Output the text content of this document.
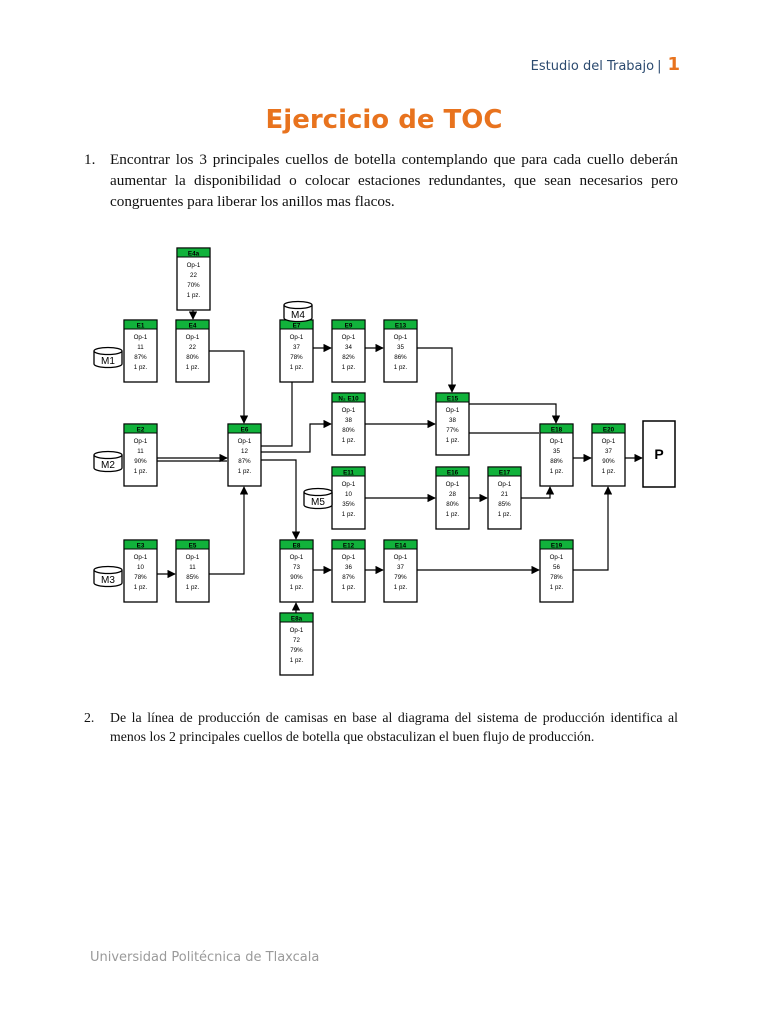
Estudio del Trabajo | 1
Ejercicio de TOC
1. Encontrar los 3 principales cuellos de botella contemplando que para cada cuello deberán aumentar la disponibilidad o colocar estaciones redundantes, que sean necesarios pero congruentes para liberar los anillos mas flacos.
E4a
Op-1
22
70%
1 pz.
E1
Op-1
11
87%
1 pz.
E4
Op-1
22
80%
1 pz.
E7
Op-1
37
78%
1 pz.
E9
Op-1
34
82%
1 pz.
E13
Op-1
35
86%
1 pz.
E2
Op-1
11
90%
1 pz.
E6
Op-1
12
87%
1 pz.
N₂ E10
Op-1
38
80%
1 pz.
E15
Op-1
38
77%
1 pz.
E18
Op-1
35
88%
1 pz.
E20
Op-1
37
90%
1 pz.
E11
Op-1
10
35%
1 pz.
E16
Op-1
28
80%
1 pz.
E17
Op-1
21
85%
1 pz.
E3
Op-1
10
78%
1 pz.
E5
Op-1
11
85%
1 pz.
E8
Op-1
73
90%
1 pz.
E12
Op-1
36
87%
1 pz.
E14
Op-1
37
79%
1 pz.
E19
Op-1
56
78%
1 pz.
E8a
Op-1
72
79%
1 pz.
M1
M2
M3
M4
M5
P
2. De la línea de producción de camisas en base al diagrama del sistema de producción identifica al menos los 2 principales cuellos de botella que obstaculizan el buen flujo de producción.
Universidad Politécnica de Tlaxcala
